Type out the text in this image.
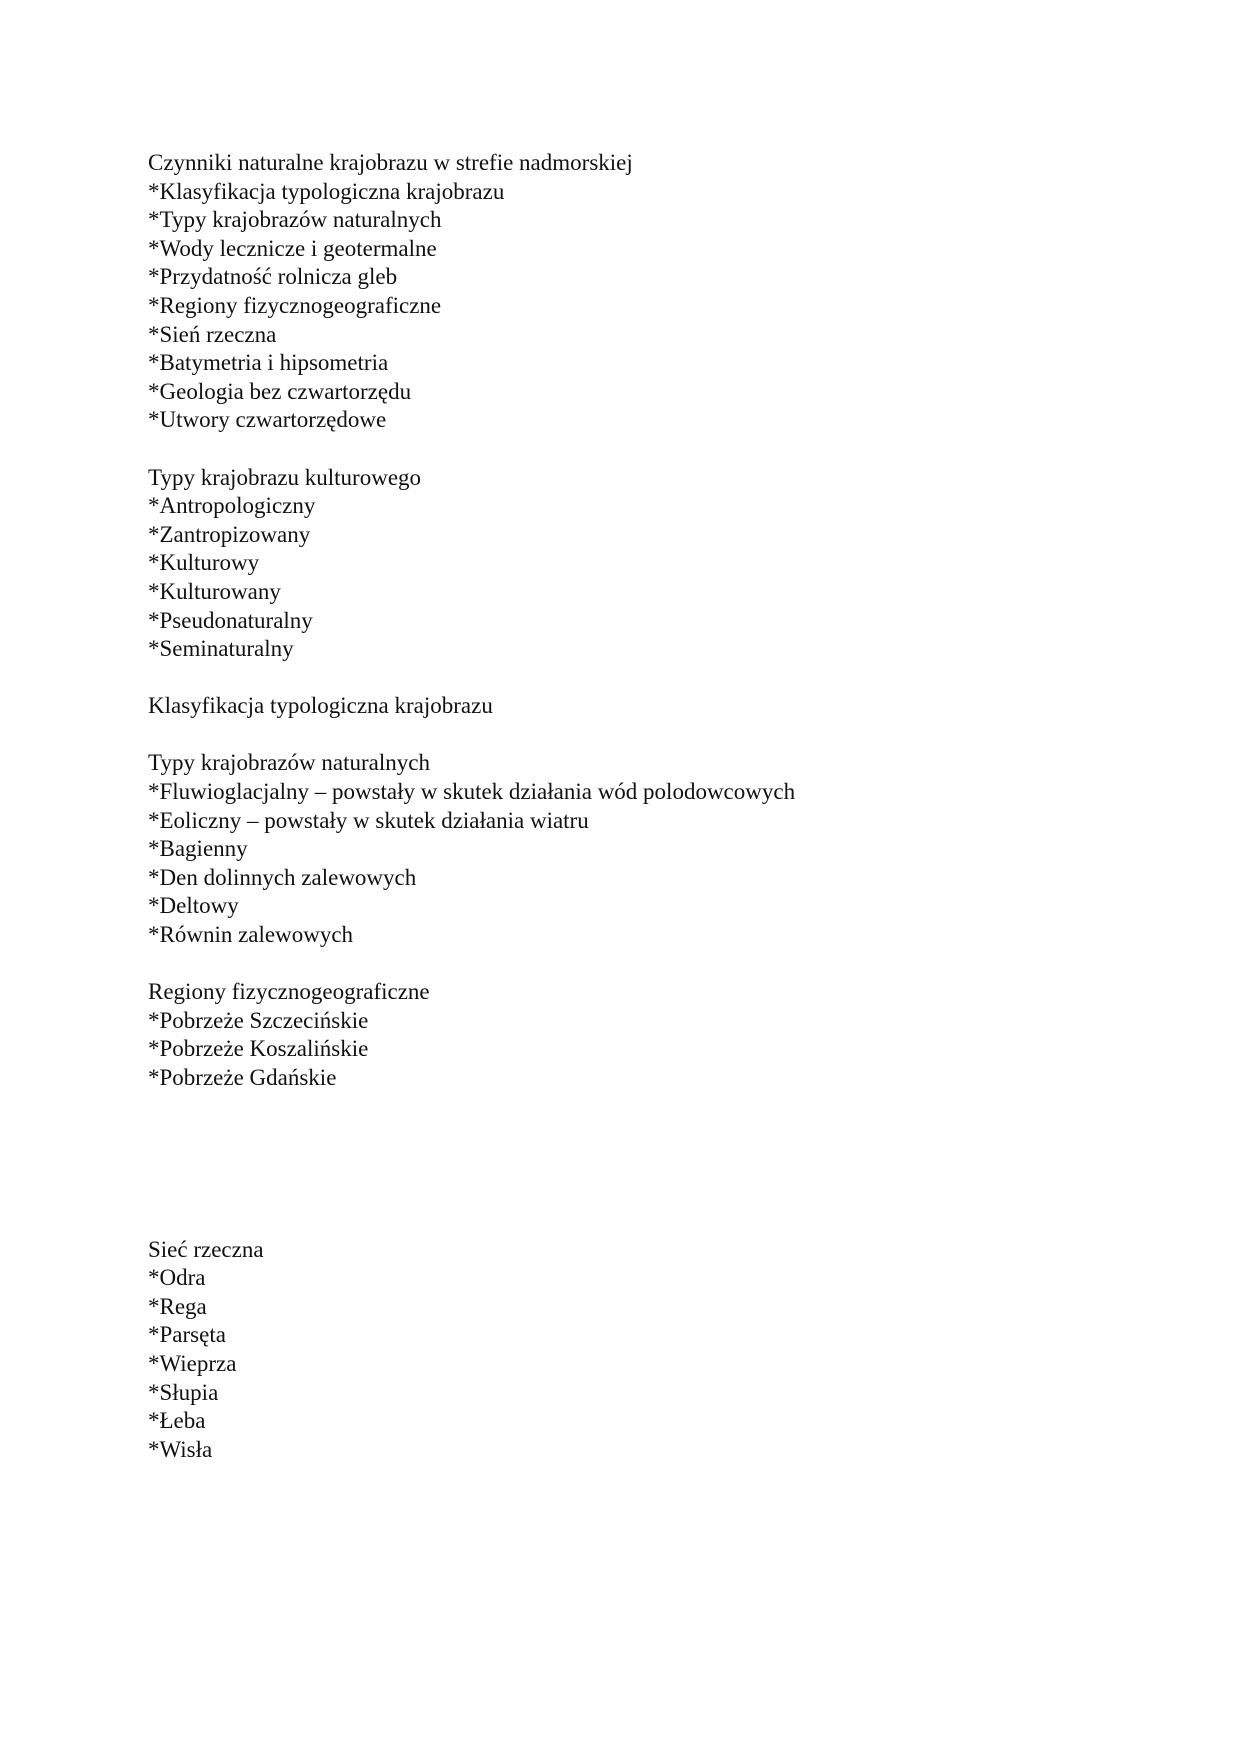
Czynniki naturalne krajobrazu w strefie nadmorskiej
*Klasyfikacja typologiczna krajobrazu
*Typy krajobrazów naturalnych
*Wody lecznicze i geotermalne
*Przydatność rolnicza gleb
*Regiony fizycznogeograficzne
*Sień rzeczna
*Batymetria i hipsometria
*Geologia bez czwartorzędu
*Utwory czwartorzędowe
Typy krajobrazu kulturowego
*Antropologiczny
*Zantropizowany
*Kulturowy
*Kulturowany
*Pseudonaturalny
*Seminaturalny
Klasyfikacja typologiczna krajobrazu
Typy krajobrazów naturalnych
*Fluwioglacjalny – powstały w skutek działania wód polodowcowych
*Eoliczny – powstały w skutek działania wiatru
*Bagienny
*Den dolinnych zalewowych
*Deltowy
*Równin zalewowych
Regiony fizycznogeograficzne
*Pobrzeże Szczecińskie
*Pobrzeże Koszalińskie
*Pobrzeże Gdańskie
Sieć rzeczna
*Odra
*Rega
*Parsęta
*Wieprza
*Słupia
*Łeba
*Wisła
